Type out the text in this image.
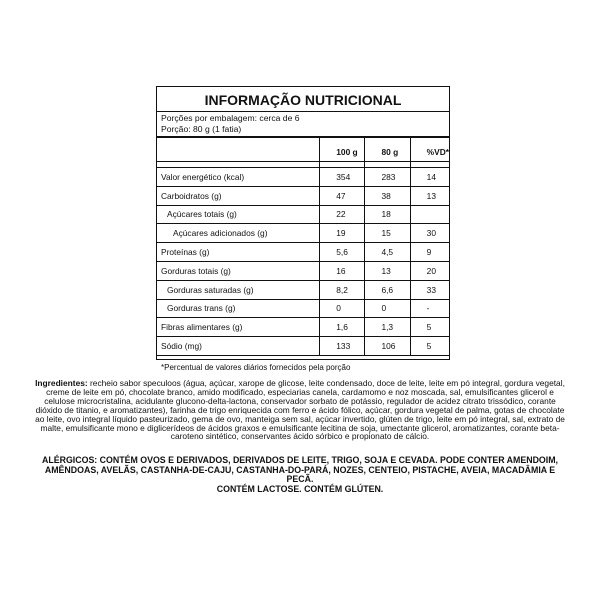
INFORMAÇÃO NUTRICIONAL
Porções por embalagem: cerca de 6
Porção: 80 g (1 fatia)

	100 g	80 g	%VD*

Valor energético (kcal)	354	283	14
Carboidratos (g)	47	38	13
Açúcares totais (g)	22	18	
Açúcares adicionados (g)	19	15	30
Proteínas (g)	5,6	4,5	9
Gorduras totais (g)	16	13	20
Gorduras saturadas (g)	8,2	6,6	33
Gorduras trans (g)	0	0	-
Fibras alimentares (g)	1,6	1,3	5
Sódio (mg)	133	106	5
*Percentual de valores diários fornecidos pela porção
Ingredientes: recheio sabor speculoos (água, açúcar, xarope de glicose, leite condensado, doce de leite, leite em pó integral, gordura vegetal, creme de leite em pó, chocolate branco, amido modificado, especiarias canela, cardamomo e noz moscada, sal, emulsificantes glicerol e celulose microcristalina, acidulante glucono-delta-lactona, conservador sorbato de potássio, regulador de acidez citrato trissódico, corante dióxido de titanio, e aromatizantes), farinha de trigo enriquecida com ferro e ácido fólico, açúcar, gordura vegetal de palma, gotas de chocolate ao leite, ovo integral líquido pasteurizado, gema de ovo, manteiga sem sal, açúcar invertido, glúten de trigo, leite em pó integral, sal, extrato de malte, emulsificante mono e diglicerídeos de ácidos graxos e emulsificante lecitina de soja, umectante glicerol, aromatizantes, corante beta-caroteno sintético, conservantes ácido sórbico e propionato de cálcio.

ALÉRGICOS: CONTÉM OVOS E DERIVADOS, DERIVADOS DE LEITE, TRIGO, SOJA E CEVADA. PODE CONTER AMENDOIM, AMÊNDOAS, AVELÃS, CASTANHA-DE-CAJU, CASTANHA-DO-PARÁ, NOZES, CENTEIO, PISTACHE, AVEIA, MACADÂMIA E PECÃ.

CONTÉM LACTOSE. CONTÉM GLÚTEN.
